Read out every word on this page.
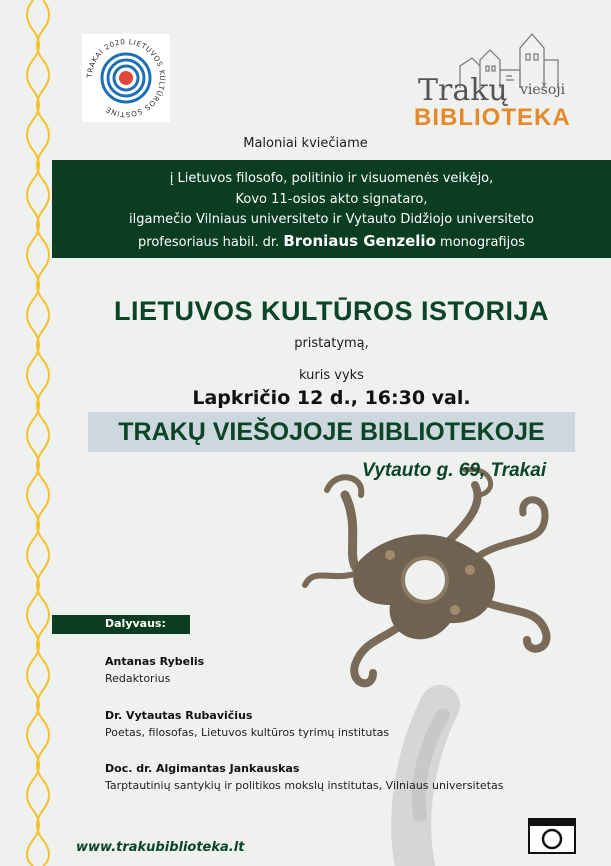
TRAKAI 2020 LIETUVOS KULTŪROS SOSTINĖ
Trakų viešoji
BIBLIOTEKA
Maloniai kviečiame

į Lietuvos filosofo, politinio ir visuomenės veikėjo,

Kovo 11-osios akto signataro,

ilgamečio Vilniaus universiteto ir Vytauto Didžiojo universiteto

profesoriaus habil. dr. Broniaus Genzelio monografijos

LIETUVOS KULTŪROS ISTORIJA
pristatymą,
kuris vyks
Lapkričio 12 d., 16:30 val.
TRAKŲ VIEŠOJOJE BIBLIOTEKOJE
Vytauto g. 69, Trakai
Dalyvaus:
Antanas Rybelis
Redaktorius
Dr. Vytautas Rubavičius
Poetas, filosofas, Lietuvos kultūros tyrimų institutas
Doc. dr. Algimantas Jankauskas
Tarptautinių santykių ir politikos mokslų institutas, Vilniaus universitetas
www.trakubiblioteka.lt
